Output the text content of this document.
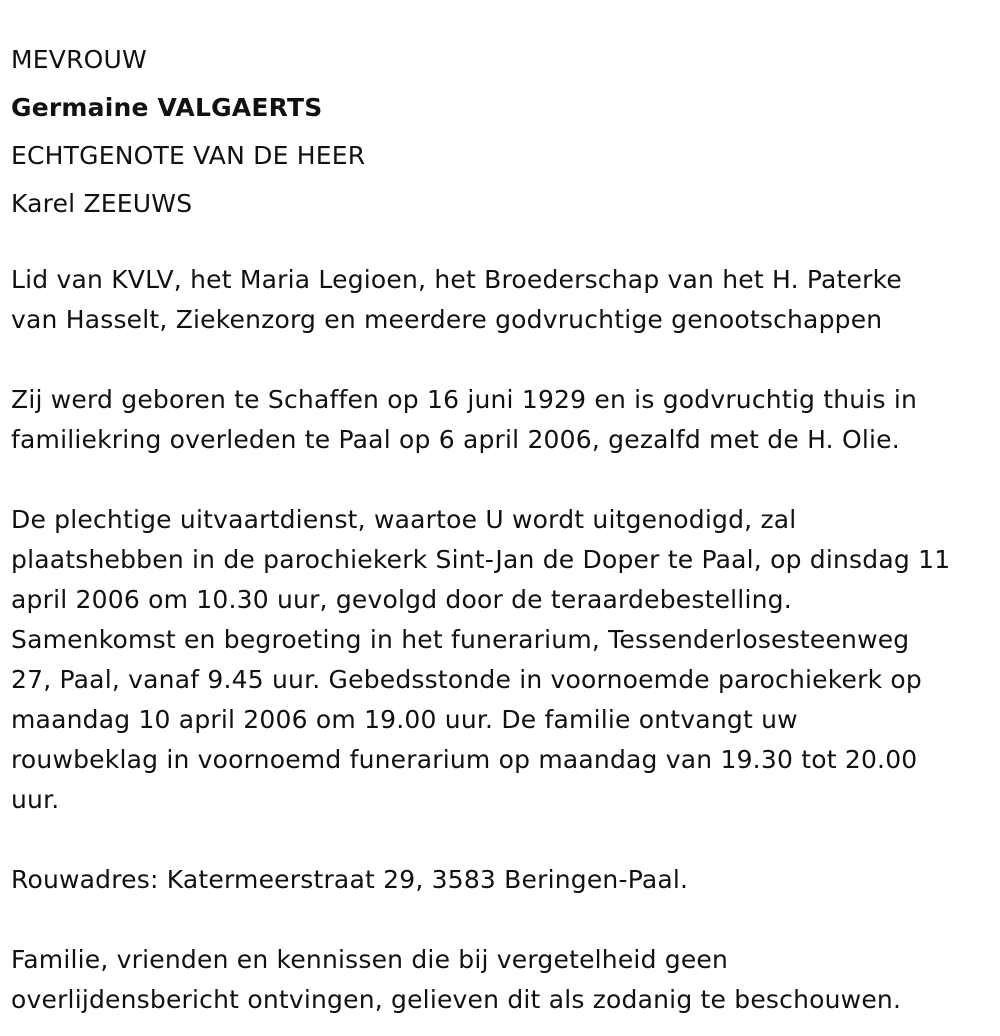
MEVROUW
Germaine VALGAERTS
ECHTGENOTE VAN DE HEER
Karel ZEEUWS
Lid van KVLV, het Maria Legioen, het Broederschap van het H. Paterke
van Hasselt, Ziekenzorg en meerdere godvruchtige genootschappen
Zij werd geboren te Schaffen op 16 juni 1929 en is godvruchtig thuis in
familiekring overleden te Paal op 6 april 2006, gezalfd met de H. Olie.
De plechtige uitvaartdienst, waartoe U wordt uitgenodigd, zal
plaatshebben in de parochiekerk Sint-Jan de Doper te Paal, op dinsdag 11
april 2006 om 10.30 uur, gevolgd door de teraardebestelling.
Samenkomst en begroeting in het funerarium, Tessenderlosesteenweg
27, Paal, vanaf 9.45 uur. Gebedsstonde in voornoemde parochiekerk op
maandag 10 april 2006 om 19.00 uur. De familie ontvangt uw
rouwbeklag in voornoemd funerarium op maandag van 19.30 tot 20.00
uur.
Rouwadres: Katermeerstraat 29, 3583 Beringen-Paal.
Familie, vrienden en kennissen die bij vergetelheid geen
overlijdensbericht ontvingen, gelieven dit als zodanig te beschouwen.
